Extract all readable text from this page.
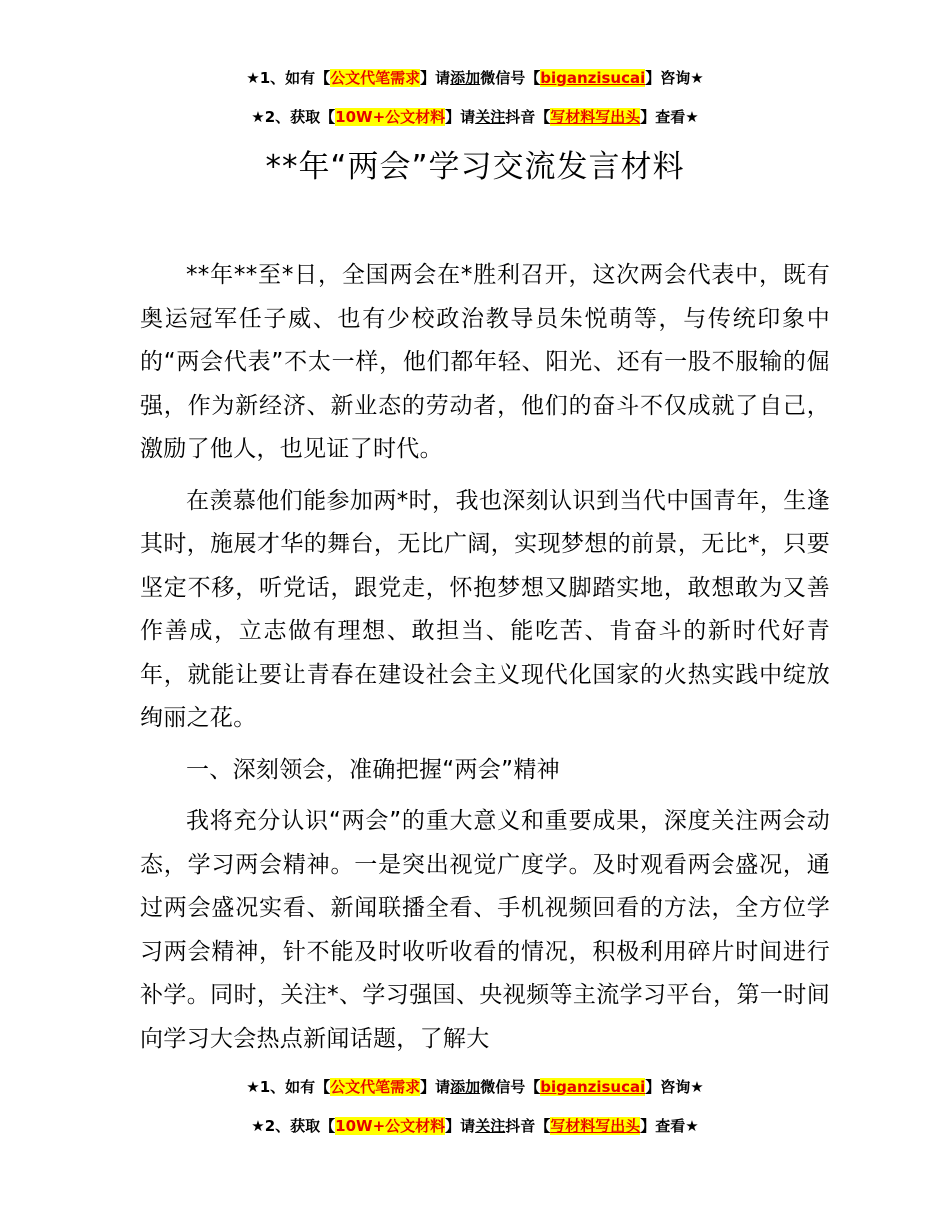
★1、如有【公文代笔需求】请添加微信号【biganzisucai】咨询★
★2、获取【10W+公文材料】请关注抖音【写材料写出头】查看★
**年“两会”学习交流发言材料

**年**至*日，全国两会在*胜利召开，这次两会代表中，既有奥运冠军任子威、也有少校政治教导员朱悦萌等，与传统印象中的“两会代表”不太一样，他们都年轻、阳光、还有一股不服输的倔强，作为新经济、新业态的劳动者，他们的奋斗不仅成就了自己，激励了他人，也见证了时代。

在羡慕他们能参加两*时，我也深刻认识到当代中国青年，生逢其时，施展才华的舞台，无比广阔，实现梦想的前景，无比*，只要坚定不移，听党话，跟党走，怀抱梦想又脚踏实地，敢想敢为又善作善成，立志做有理想、敢担当、能吃苦、肯奋斗的新时代好青年，就能让要让青春在建设社会主义现代化国家的火热实践中绽放绚丽之花。

一、深刻领会，准确把握“两会”精神

我将充分认识“两会”的重大意义和重要成果，深度关注两会动态，学习两会精神。一是突出视觉广度学。及时观看两会盛况，通过两会盛况实看、新闻联播全看、手机视频回看的方法，全方位学习两会精神，针不能及时收听收看的情况，积极利用碎片时间进行补学。同时，关注*、学习强国、央视频等主流学习平台，第一时间向学习大会热点新闻话题，了解大

★1、如有【公文代笔需求】请添加微信号【biganzisucai】咨询★
★2、获取【10W+公文材料】请关注抖音【写材料写出头】查看★
